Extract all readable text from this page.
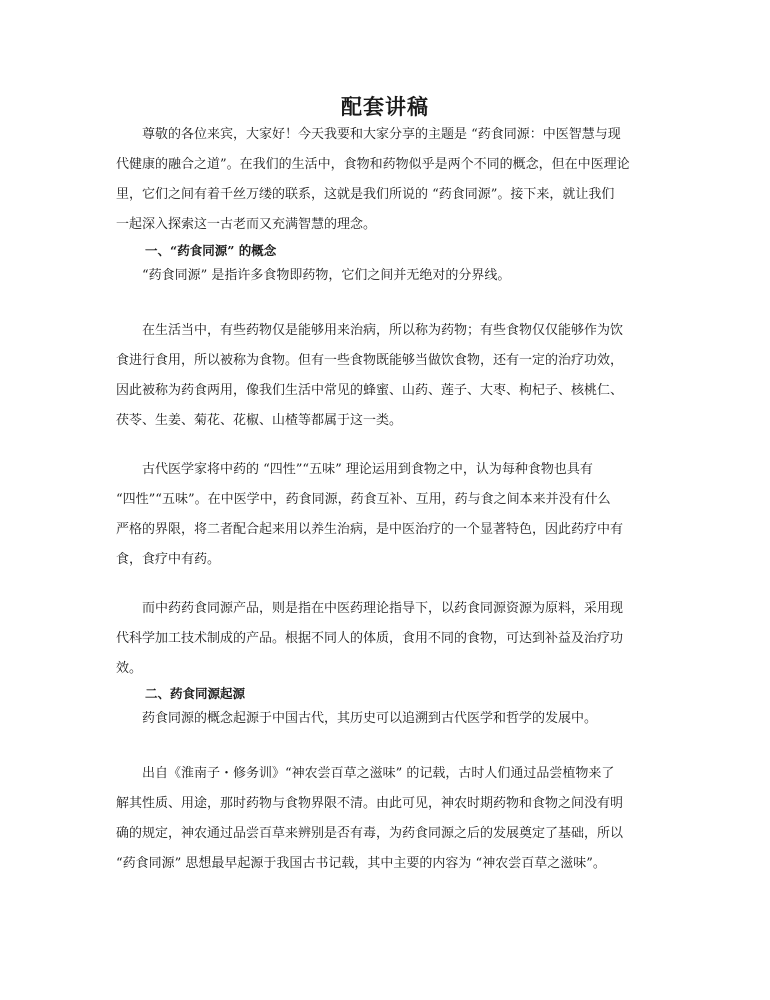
配套讲稿

尊敬的各位来宾，大家好！今天我要和大家分享的主题是 “药食同源：中医智慧与现
代健康的融合之道”。在我们的生活中，食物和药物似乎是两个不同的概念，但在中医理论
里，它们之间有着千丝万缕的联系，这就是我们所说的 “药食同源”。接下来，就让我们
一起深入探索这一古老而又充满智慧的理念。

一、“药食同源” 的概念

“药食同源” 是指许多食物即药物，它们之间并无绝对的分界线。

在生活当中，有些药物仅是能够用来治病，所以称为药物；有些食物仅仅能够作为饮
食进行食用，所以被称为食物。但有一些食物既能够当做饮食物，还有一定的治疗功效，
因此被称为药食两用，像我们生活中常见的蜂蜜、山药、莲子、大枣、枸杞子、核桃仁、
茯苓、生姜、菊花、花椒、山楂等都属于这一类。

古代医学家将中药的 “四性”“五味” 理论运用到食物之中，认为每种食物也具有
“四性”“五味”。在中医学中，药食同源，药食互补、互用，药与食之间本来并没有什么
严格的界限，将二者配合起来用以养生治病，是中医治疗的一个显著特色，因此药疗中有
食，食疗中有药。

而中药药食同源产品，则是指在中医药理论指导下，以药食同源资源为原料，采用现
代科学加工技术制成的产品。根据不同人的体质，食用不同的食物，可达到补益及治疗功
效。

二、药食同源起源

药食同源的概念起源于中国古代，其历史可以追溯到古代医学和哲学的发展中。

出自《淮南子・修务训》“神农尝百草之滋味” 的记载，古时人们通过品尝植物来了
解其性质、用途，那时药物与食物界限不清。由此可见，神农时期药物和食物之间没有明
确的规定，神农通过品尝百草来辨别是否有毒，为药食同源之后的发展奠定了基础，所以
“药食同源” 思想最早起源于我国古书记载，其中主要的内容为 “神农尝百草之滋味”。
